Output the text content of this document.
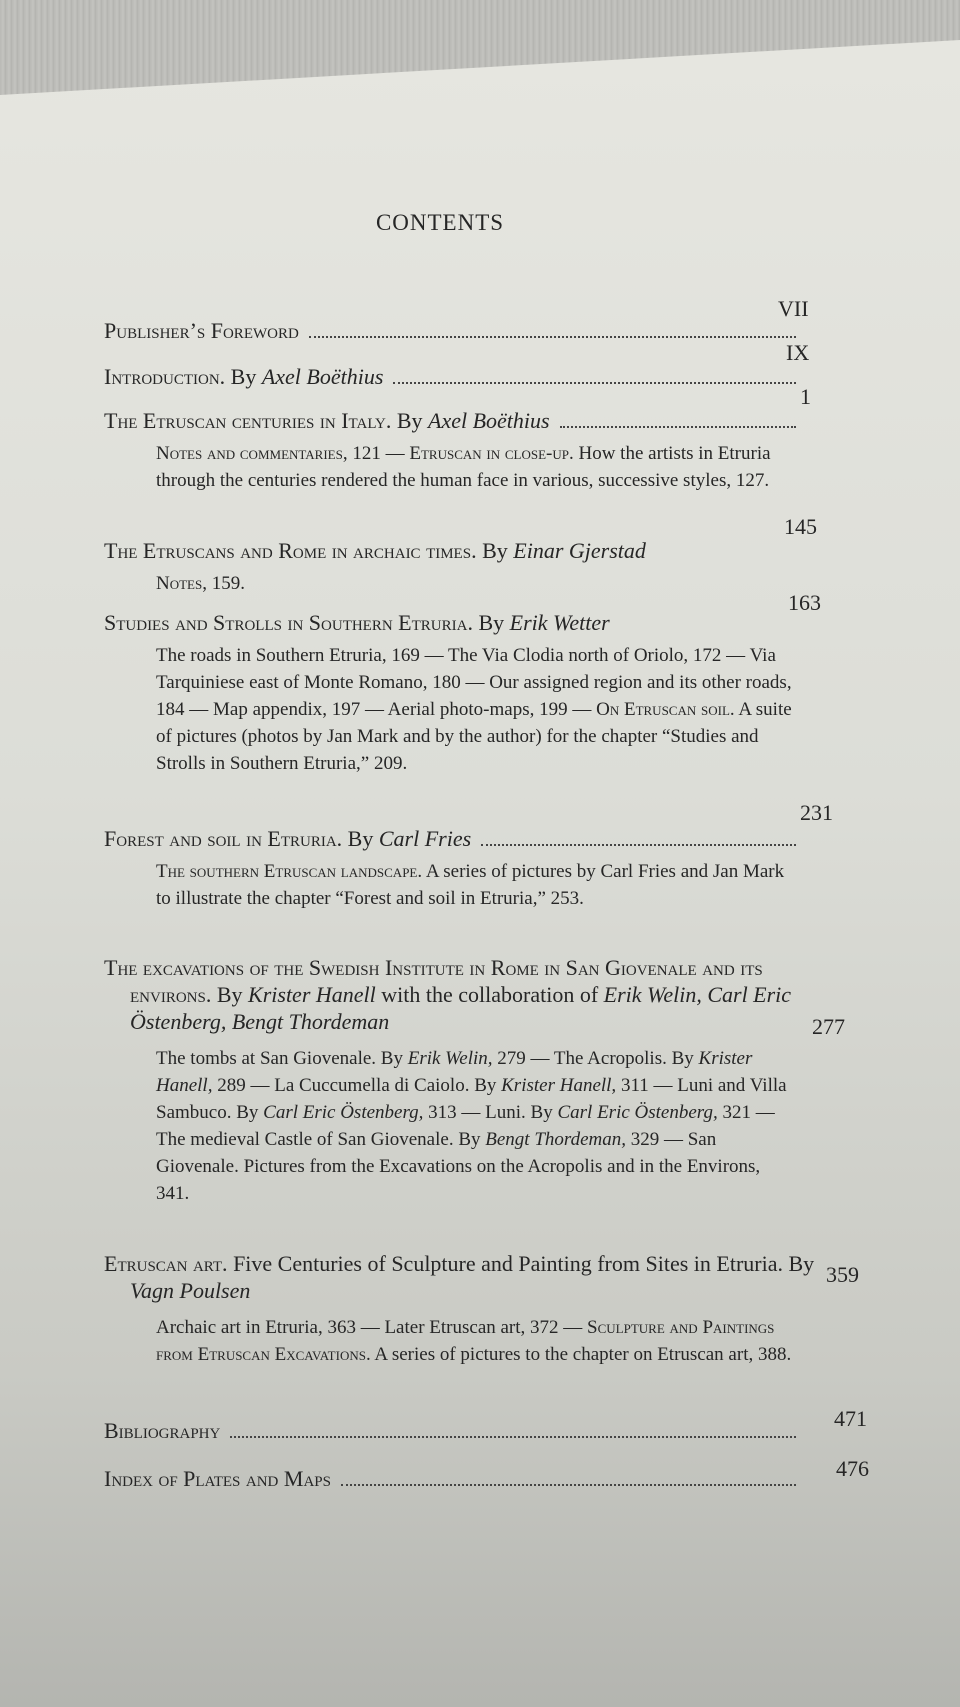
CONTENTS
Publisher’s Foreword
VII
Introduction. By Axel Boëthius
IX
The Etruscan centuries in Italy. By Axel Boëthius
Notes and commentaries, 121 — Etruscan in close-up. How the artists in Etruria through the centuries rendered the human face in various, successive styles, 127.
1
The Etruscans and Rome in archaic times. By Einar Gjerstad
Notes, 159.
145
Studies and Strolls in Southern Etruria. By Erik Wetter
The roads in Southern Etruria, 169 — The Via Clodia north of Oriolo, 172 — Via Tarquiniese east of Monte Romano, 180 — Our assigned region and its other roads, 184 — Map appendix, 197 — Aerial photo-maps, 199 — On Etruscan soil. A suite of pictures (photos by Jan Mark and by the author) for the chapter “Studies and Strolls in Southern Etruria,” 209.
163
Forest and soil in Etruria. By Carl Fries
The southern Etruscan landscape. A series of pictures by Carl Fries and Jan Mark to illustrate the chapter “Forest and soil in Etruria,” 253.
231
The excavations of the Swedish Institute in Rome in San Giovenale and its environs. By Krister Hanell with the collaboration of Erik Welin, Carl Eric Östenberg, Bengt Thordeman
The tombs at San Giovenale. By Erik Welin, 279 — The Acropolis. By Krister Hanell, 289 — La Cuccumella di Caiolo. By Krister Hanell, 311 — Luni and Villa Sambuco. By Carl Eric Östenberg, 313 — Luni. By Carl Eric Östenberg, 321 — The medieval Castle of San Giovenale. By Bengt Thordeman, 329 — San Giovenale. Pictures from the Excavations on the Acropolis and in the Environs, 341.
277
Etruscan art. Five Centuries of Sculpture and Painting from Sites in Etruria. By Vagn Poulsen
Archaic art in Etruria, 363 — Later Etruscan art, 372 — Sculpture and Paintings from Etruscan Excavations. A series of pictures to the chapter on Etruscan art, 388.
359
Bibliography	471
Index of Plates and Maps	476
